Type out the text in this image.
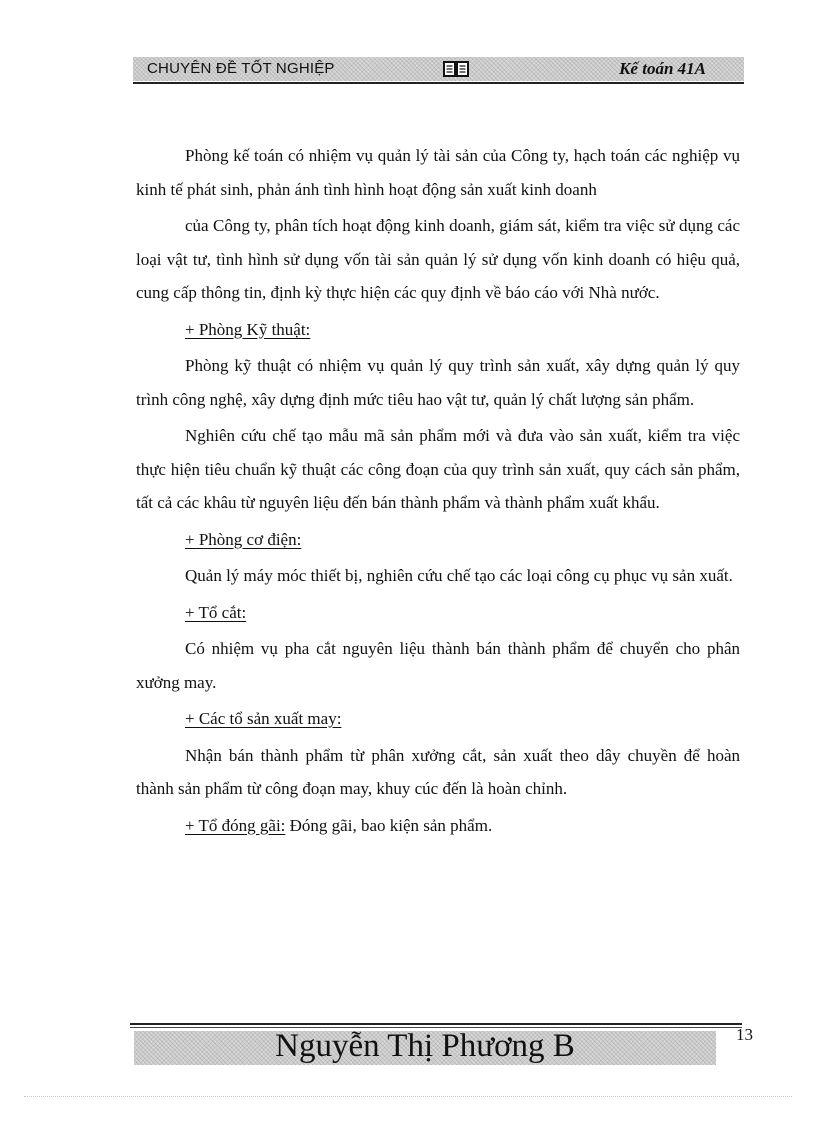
CHUYÊN ĐỀ TỐT NGHIỆP	Kế toán 41A

Phòng kế toán có nhiệm vụ quản lý tài sản của Công ty, hạch toán các nghiệp vụ kinh tế phát sinh, phản ánh tình hình hoạt động sản xuất kinh doanh

của Công ty, phân tích hoạt động kinh doanh, giám sát, kiểm tra việc sử dụng các loại vật tư, tình hình sử dụng vốn tài sản quản lý sử dụng vốn kinh doanh có hiệu quả, cung cấp thông tin, định kỳ thực hiện các quy định về báo cáo với Nhà nước.

+ Phòng Kỹ thuật:

Phòng kỹ thuật có nhiệm vụ quản lý quy trình sản xuất, xây dựng quản lý quy trình công nghệ, xây dựng định mức tiêu hao vật tư, quản lý chất lượng sản phẩm.

Nghiên cứu chế tạo mẫu mã sản phẩm mới và đưa vào sản xuất, kiểm tra việc thực hiện tiêu chuẩn kỹ thuật các công đoạn của quy trình sản xuất, quy cách sản phẩm, tất cả các khâu từ nguyên liệu đến bán thành phẩm và thành phẩm xuất khẩu.

+ Phòng cơ điện:

Quản lý máy móc thiết bị, nghiên cứu chế tạo các loại công cụ phục vụ sản xuất.

+ Tổ cắt:

Có nhiệm vụ pha cắt nguyên liệu thành bán thành phẩm để chuyển cho phân xưởng may.

+ Các tổ sản xuất may:

Nhận bán thành phẩm từ phân xưởng cắt, sản xuất theo dây chuyền để hoàn thành sản phẩm từ công đoạn may, khuy cúc đến là hoàn chỉnh.

+ Tổ đóng gãi: Đóng gãi, bao kiện sản phẩm.

Nguyễn Thị Phương B	13
